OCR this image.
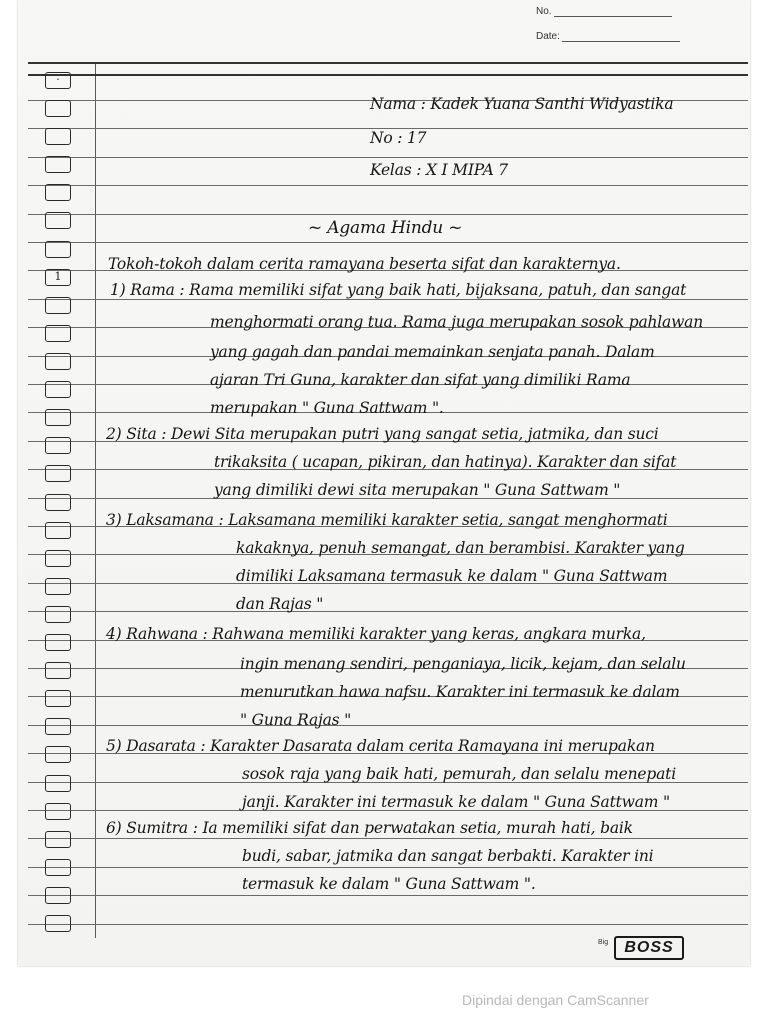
No.
Date:
·
1
Nama : Kadek Yuana Santhi Widyastika
No : 17
Kelas : X I MIPA 7
~ Agama Hindu ~
Tokoh-tokoh dalam cerita ramayana beserta sifat dan karakternya.
1) Rama : Rama memiliki sifat yang baik hati, bijaksana, patuh, dan sangat
menghormati orang tua. Rama juga merupakan sosok pahlawan
yang gagah dan pandai memainkan senjata panah. Dalam
ajaran Tri Guna, karakter dan sifat yang dimiliki Rama
merupakan " Guna Sattwam ".
2) Sita : Dewi Sita merupakan putri yang sangat setia, jatmika, dan suci
trikaksita ( ucapan, pikiran, dan hatinya). Karakter dan sifat
yang dimiliki dewi sita merupakan " Guna Sattwam "
3) Laksamana : Laksamana memiliki karakter setia, sangat menghormati
kakaknya, penuh semangat, dan berambisi. Karakter yang
dimiliki Laksamana termasuk ke dalam " Guna Sattwam
dan Rajas "
4) Rahwana : Rahwana memiliki karakter yang keras, angkara murka,
ingin menang sendiri, penganiaya, licik, kejam, dan selalu
menurutkan hawa nafsu. Karakter ini termasuk ke dalam
" Guna Rajas "
5) Dasarata : Karakter Dasarata dalam cerita Ramayana ini merupakan
sosok raja yang baik hati, pemurah, dan selalu menepati
janji. Karakter ini termasuk ke dalam " Guna Sattwam "
6) Sumitra : Ia memiliki sifat dan perwatakan setia, murah hati, baik
budi, sabar, jatmika dan sangat berbakti. Karakter ini
termasuk ke dalam " Guna Sattwam ".
Big	BOSS
Dipindai dengan CamScanner
